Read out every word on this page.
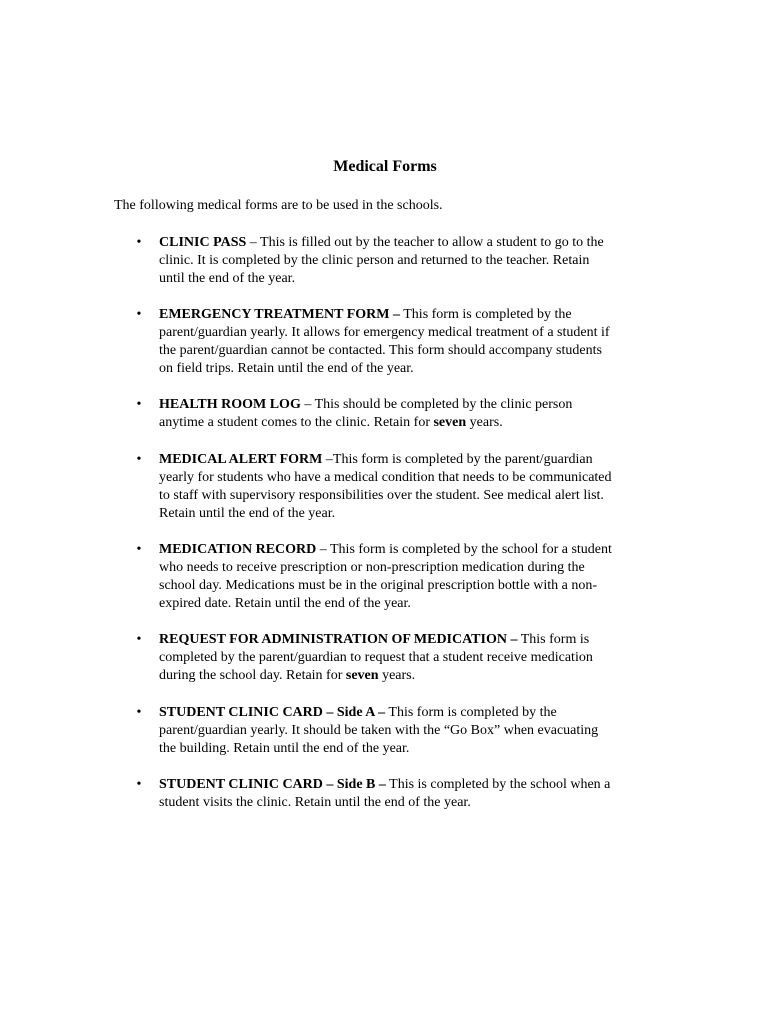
Medical Forms

The following medical forms are to be used in the schools.

• CLINIC PASS – This is filled out by the teacher to allow a student to go to the

clinic. It is completed by the clinic person and returned to the teacher. Retain

until the end of the year.

• EMERGENCY TREATMENT FORM – This form is completed by the

parent/guardian yearly. It allows for emergency medical treatment of a student if

the parent/guardian cannot be contacted. This form should accompany students

on field trips. Retain until the end of the year.

• HEALTH ROOM LOG – This should be completed by the clinic person

anytime a student comes to the clinic. Retain for seven years.

• MEDICAL ALERT FORM –This form is completed by the parent/guardian

yearly for students who have a medical condition that needs to be communicated

to staff with supervisory responsibilities over the student. See medical alert list.

Retain until the end of the year.

• MEDICATION RECORD – This form is completed by the school for a student

who needs to receive prescription or non-prescription medication during the

school day. Medications must be in the original prescription bottle with a non-

expired date. Retain until the end of the year.

• REQUEST FOR ADMINISTRATION OF MEDICATION – This form is

completed by the parent/guardian to request that a student receive medication

during the school day. Retain for seven years.

• STUDENT CLINIC CARD – Side A – This form is completed by the

parent/guardian yearly. It should be taken with the “Go Box” when evacuating

the building. Retain until the end of the year.

• STUDENT CLINIC CARD – Side B – This is completed by the school when a

student visits the clinic. Retain until the end of the year.
